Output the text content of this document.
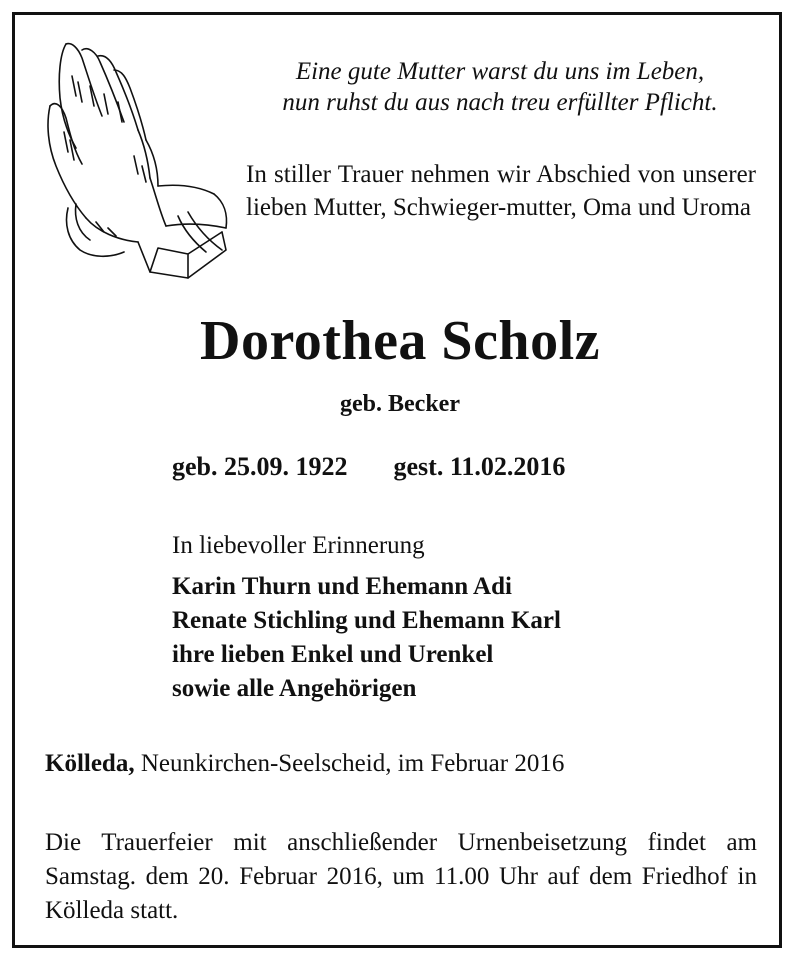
Eine gute Mutter warst du uns im Leben,
nun ruhst du aus nach treu erfüllter Pflicht.
In stiller Trauer nehmen wir Abschied von unserer lieben Mutter, Schwieger-mutter, Oma und Uroma
Dorothea Scholz
geb. Becker
geb. 25.09. 1922 gest. 11.02.2016
In liebevoller Erinnerung
Karin Thurn und Ehemann Adi
Renate Stichling und Ehemann Karl
ihre lieben Enkel und Urenkel
sowie alle Angehörigen
Kölleda, Neunkirchen-Seelscheid, im Februar 2016
Die Trauerfeier mit anschließender Urnenbeisetzung findet am Samstag. dem 20. Februar 2016, um 11.00 Uhr auf dem Friedhof in Kölleda statt.
